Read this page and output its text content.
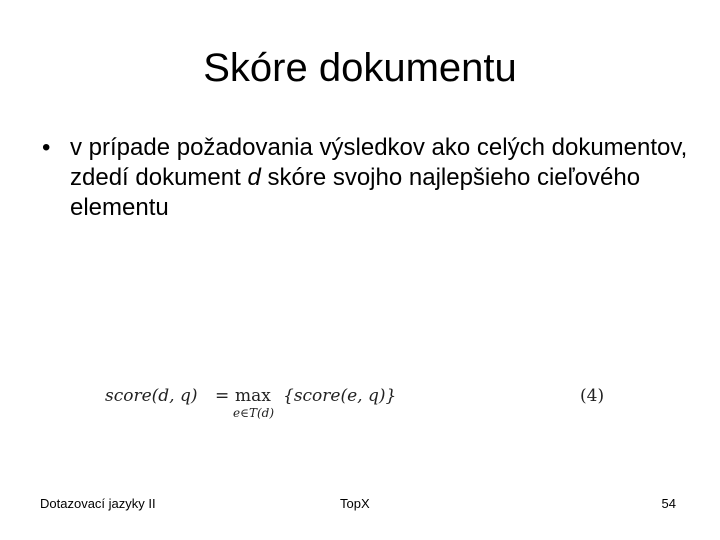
Skóre dokumentu
• v prípade požadovania výsledkov ako celých dokumentov, zdedí dokument d skóre svojho najlepšieho cieľového elementu
score(d, q) = max
e∈T(d)
{score(e, q)}	(4)
Dotazovací jazyky II	TopX	54
